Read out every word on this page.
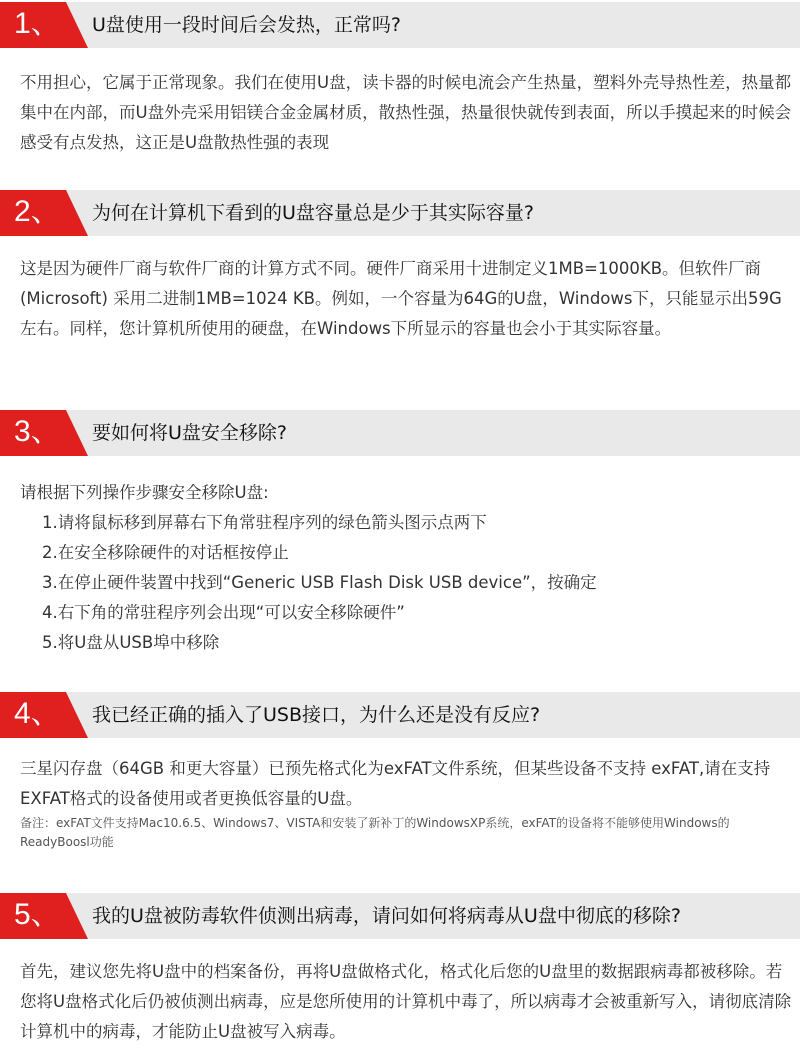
1、 U盘使用一段时间后会发热，正常吗?

不用担心，它属于正常现象。我们在使用U盘，读卡器的时候电流会产生热量，塑料外壳导热性差，热量都集中在内部，而U盘外壳采用铝镁合金金属材质，散热性强，热量很快就传到表面，所以手摸起来的时候会感受有点发热，这正是U盘散热性强的表现

2、 为何在计算机下看到的U盘容量总是少于其实际容量?

这是因为硬件厂商与软件厂商的计算方式不同。硬件厂商采用十进制定义1MB=1000KB。但软件厂商(Microsoft) 采用二进制1MB=1024 KB。例如，一个容量为64G的U盘，Windows下，只能显示出59G左右。同样，您计算机所使用的硬盘，在Windows下所显示的容量也会小于其实际容量。

3、 要如何将U盘安全移除?

请根据下列操作步骤安全移除U盘:

1.请将鼠标移到屏幕右下角常驻程序列的绿色箭头图示点两下
2.在安全移除硬件的对话框按停止
3.在停止硬件装置中找到“Generic USB Flash Disk USB device”，按确定
4.右下角的常驻程序列会出现“可以安全移除硬件”
5.将U盘从USB埠中移除
4、 我已经正确的插入了USB接口，为什么还是没有反应?

三星闪存盘（64GB 和更大容量）已预先格式化为exFAT文件系统，但某些设备不支持 exFAT,请在支持EXFAT格式的设备使用或者更换低容量的U盘。

备注：exFAT文件支持Mac10.6.5、Windows7、VISTA和安装了新补丁的WindowsXP系统，exFAT的设备将不能够使用Windows的ReadyBoosl功能

5、 我的U盘被防毒软件侦测出病毒，请问如何将病毒从U盘中彻底的移除?

首先，建议您先将U盘中的档案备份，再将U盘做格式化，格式化后您的U盘里的数据跟病毒都被移除。若您将U盘格式化后仍被侦测出病毒，应是您所使用的计算机中毒了，所以病毒才会被重新写入，请彻底清除计算机中的病毒，才能防止U盘被写入病毒。
